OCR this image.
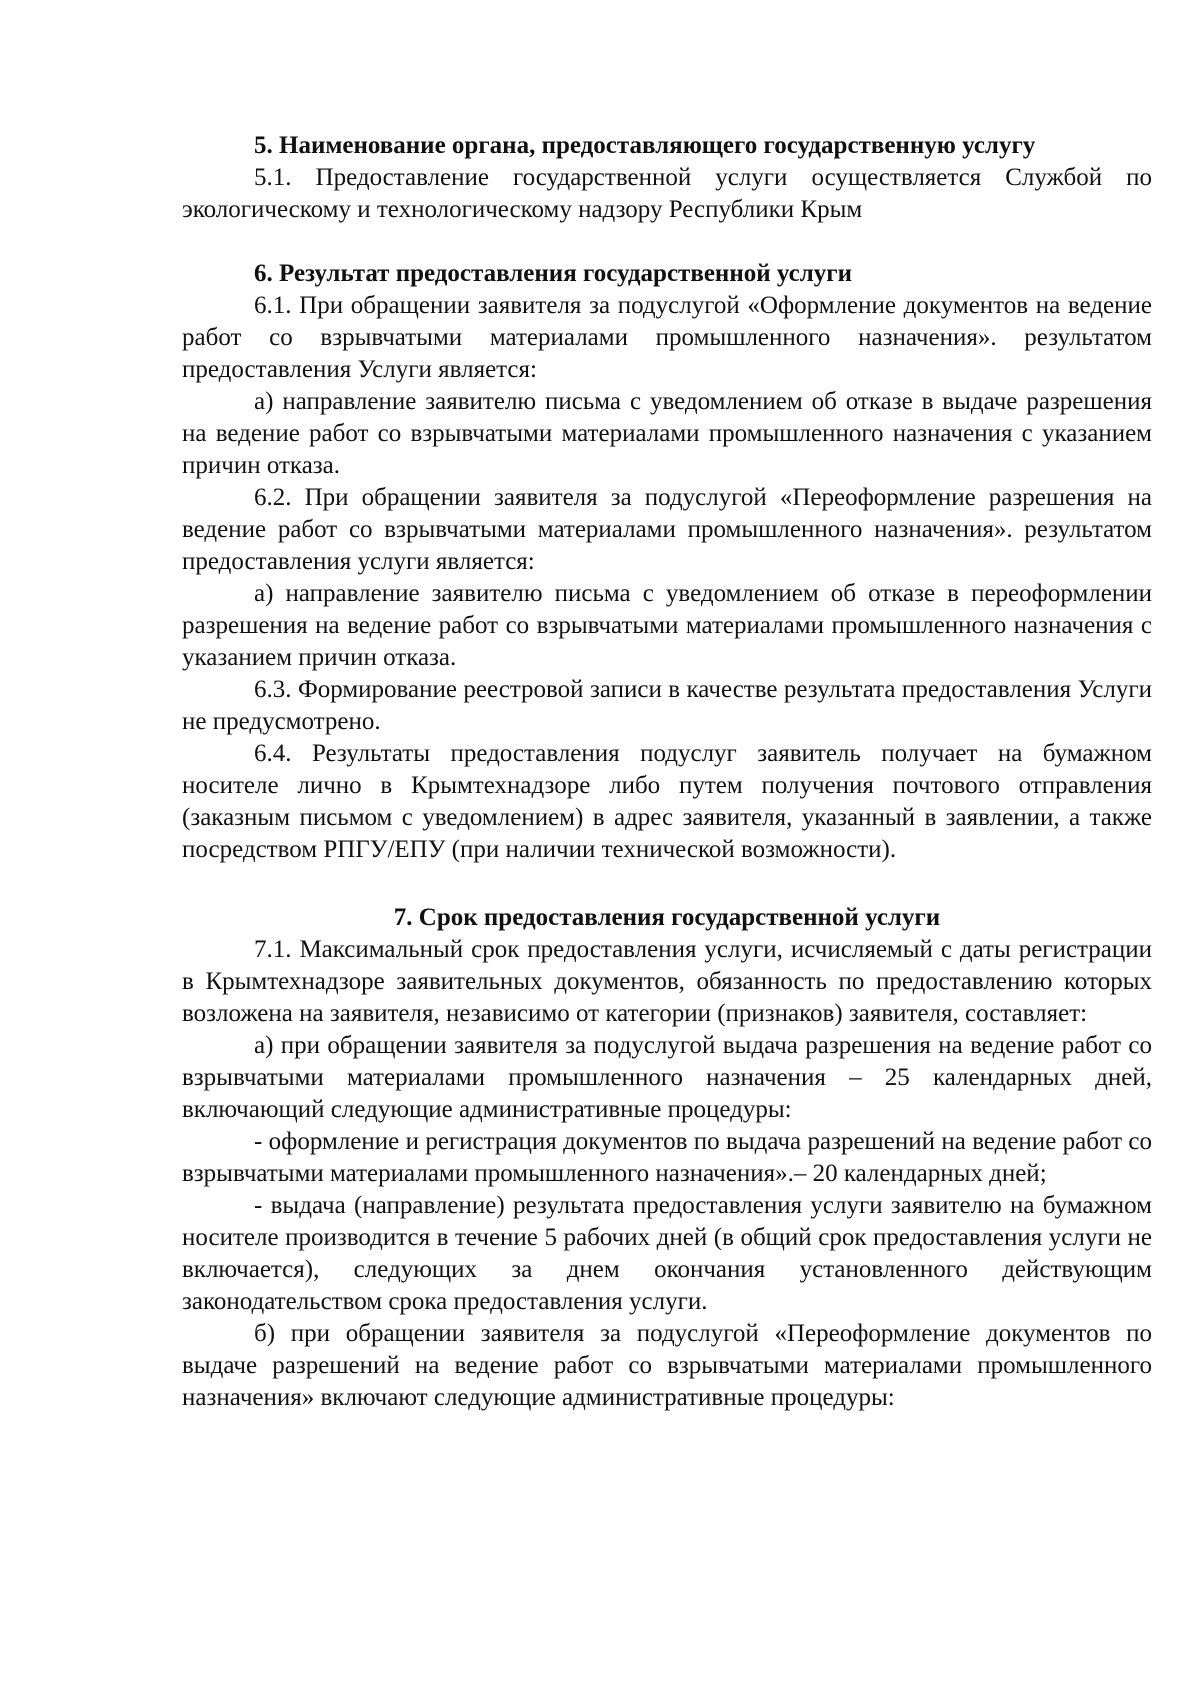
5. Наименование органа, предоставляющего государственную услугу

5.1. Предоставление государственной услуги осуществляется Службой по экологическому и технологическому надзору Республики Крым

6. Результат предоставления государственной услуги

6.1. При обращении заявителя за подуслугой «Оформление документов на ведение работ со взрывчатыми материалами промышленного назначения». результатом предоставления Услуги является:

а) направление заявителю письма с уведомлением об отказе в выдаче разрешения на ведение работ со взрывчатыми материалами промышленного назначения с указанием причин отказа.

6.2. При обращении заявителя за подуслугой «Переоформление разрешения на ведение работ со взрывчатыми материалами промышленного назначения». результатом предоставления услуги является:

а) направление заявителю письма с уведомлением об отказе в переоформлении разрешения на ведение работ со взрывчатыми материалами промышленного назначения с указанием причин отказа.

6.3. Формирование реестровой записи в качестве результата предоставления Услуги не предусмотрено.

6.4. Результаты предоставления подуслуг заявитель получает на бумажном носителе лично в Крымтехнадзоре либо путем получения почтового отправления (заказным письмом с уведомлением) в адрес заявителя, указанный в заявлении, а также посредством РПГУ/ЕПУ (при наличии технической возможности).

7. Срок предоставления государственной услуги

7.1. Максимальный срок предоставления услуги, исчисляемый с даты регистрации в Крымтехнадзоре заявительных документов, обязанность по предоставлению которых возложена на заявителя, независимо от категории (признаков) заявителя, составляет:

а) при обращении заявителя за подуслугой выдача разрешения на ведение работ со взрывчатыми материалами промышленного назначения – 25 календарных дней, включающий следующие административные процедуры:

- оформление и регистрация документов по выдача разрешений на ведение работ со взрывчатыми материалами промышленного назначения».– 20 календарных дней;

- выдача (направление) результата предоставления услуги заявителю на бумажном носителе производится в течение 5 рабочих дней (в общий срок предоставления услуги не включается), следующих за днем окончания установленного действующим законодательством срока предоставления услуги.

б) при обращении заявителя за подуслугой «Переоформление документов по выдаче разрешений на ведение работ со взрывчатыми материалами промышленного назначения» включают следующие административные процедуры:
